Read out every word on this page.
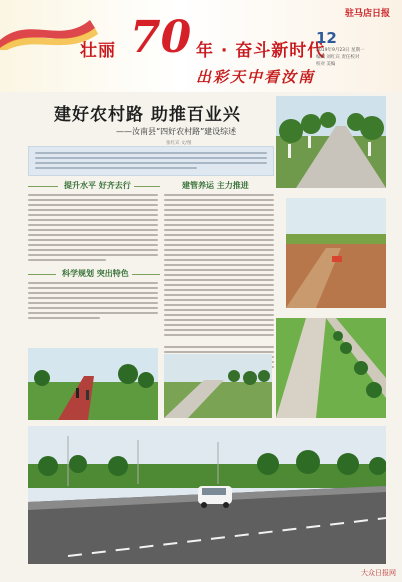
壮丽 70 年 · 奋斗新时代
出彩天中看汝南
驻马店日报
12
2019年9月23日 星期一
编辑 刘红宾 责任校对
校对 美编
建好农村路 助推百业兴
——汝南县“四好农村路”建设综述
张红宾 文/图
提升水平 好齐去行	建管养运 主力推进
科学规划 突出特色
大众日报网
